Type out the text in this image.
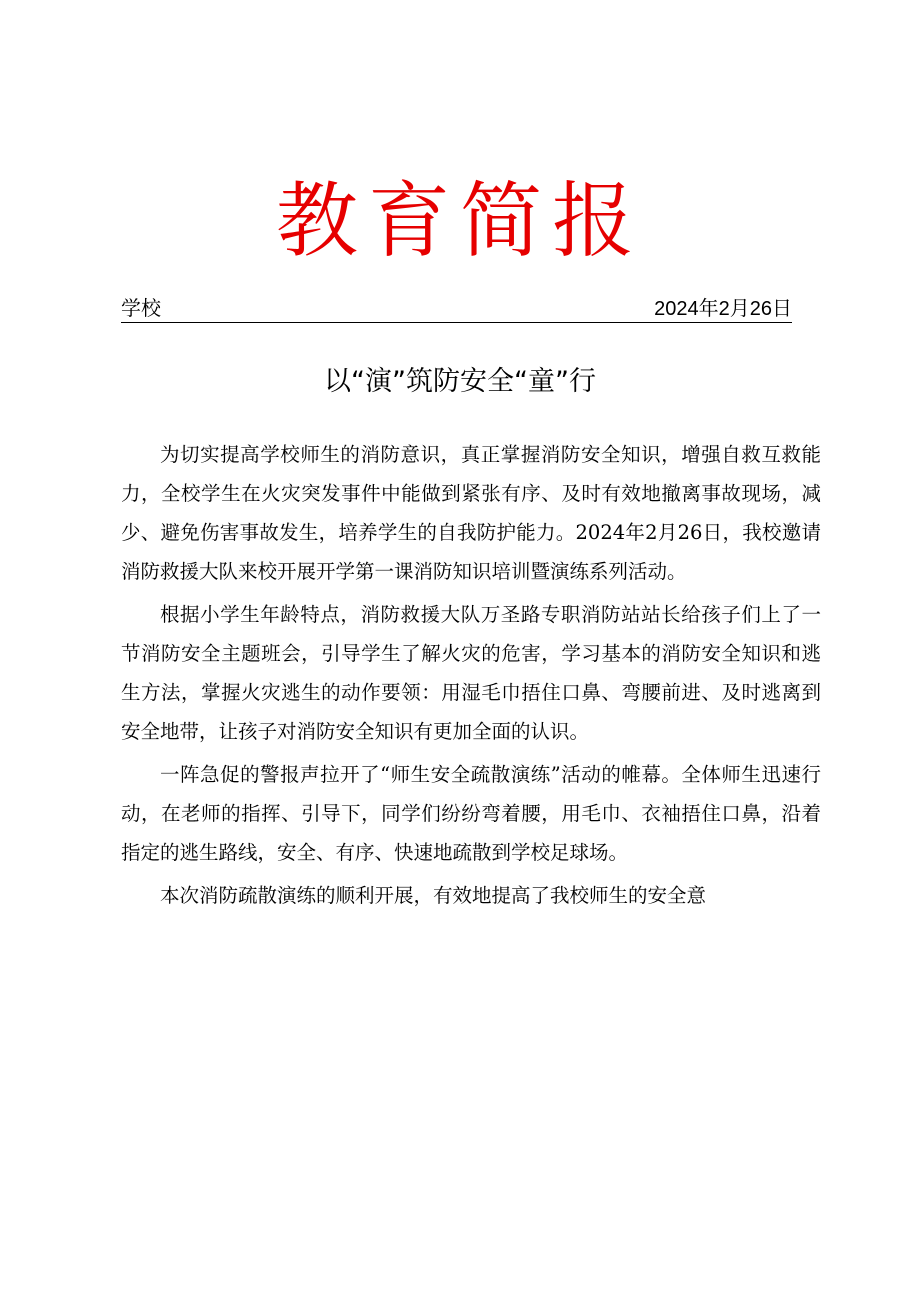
教育简报
学校	2024年2月26日
以“演”筑防安全“童”行

为切实提高学校师生的消防意识，真正掌握消防安全知识，增强自救互救能力，全校学生在火灾突发事件中能做到紧张有序、及时有效地撤离事故现场，减少、避免伤害事故发生，培养学生的自我防护能力。2024年2月26日，我校邀请消防救援大队来校开展开学第一课消防知识培训暨演练系列活动。

根据小学生年龄特点，消防救援大队万圣路专职消防站站长给孩子们上了一节消防安全主题班会，引导学生了解火灾的危害，学习基本的消防安全知识和逃生方法，掌握火灾逃生的动作要领：用湿毛巾捂住口鼻、弯腰前进、及时逃离到安全地带，让孩子对消防安全知识有更加全面的认识。

一阵急促的警报声拉开了“师生安全疏散演练”活动的帷幕。全体师生迅速行动，在老师的指挥、引导下，同学们纷纷弯着腰，用毛巾、衣袖捂住口鼻，沿着指定的逃生路线，安全、有序、快速地疏散到学校足球场。

本次消防疏散演练的顺利开展，有效地提高了我校师生的安全意
